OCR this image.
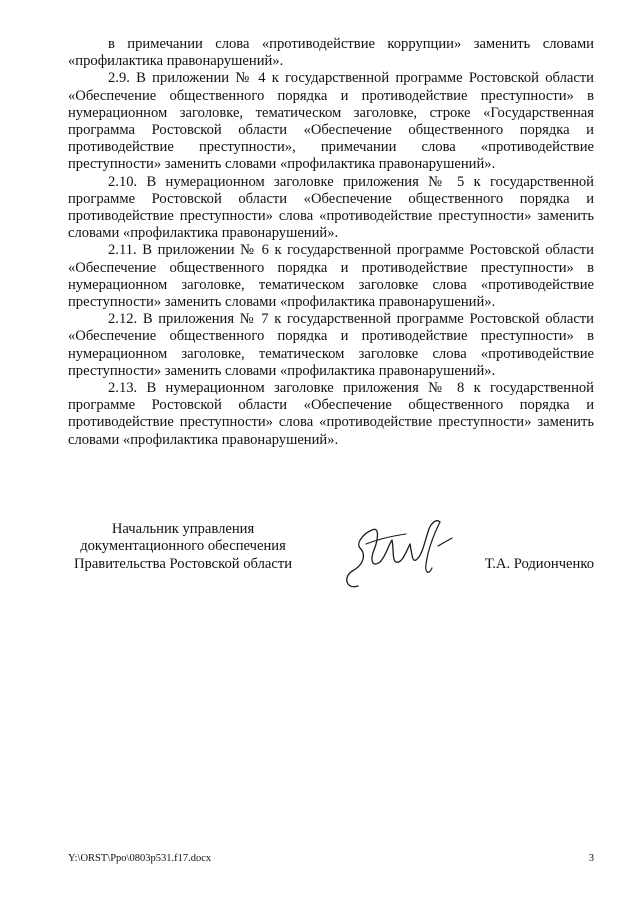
в примечании слова «противодействие коррупции» заменить словами «профилактика правонарушений».

2.9. В приложении № 4 к государственной программе Ростовской области «Обеспечение общественного порядка и противодействие преступности» в нумерационном заголовке, тематическом заголовке, строке «Государственная программа Ростовской области «Обеспечение общественного порядка и противодействие преступности», примечании слова «противодействие преступности» заменить словами «профилактика правонарушений».

2.10. В нумерационном заголовке приложения № 5 к государственной программе Ростовской области «Обеспечение общественного порядка и противодействие преступности» слова «противодействие преступности» заменить словами «профилактика правонарушений».

2.11. В приложении № 6 к государственной программе Ростовской области «Обеспечение общественного порядка и противодействие преступности» в нумерационном заголовке, тематическом заголовке слова «противодействие преступности» заменить словами «профилактика правонарушений».

2.12. В приложения № 7 к государственной программе Ростовской области «Обеспечение общественного порядка и противодействие преступности» в нумерационном заголовке, тематическом заголовке слова «противодействие преступности» заменить словами «профилактика правонарушений».

2.13. В нумерационном заголовке приложения № 8 к государственной программе Ростовской области «Обеспечение общественного порядка и противодействие преступности» слова «противодействие преступности» заменить словами «профилактика правонарушений».

Начальник управления
документационного обеспечения
Правительства Ростовской области	Т.А. Родионченко
Y:\ORST\Ppo\0803p531.f17.docx	3
